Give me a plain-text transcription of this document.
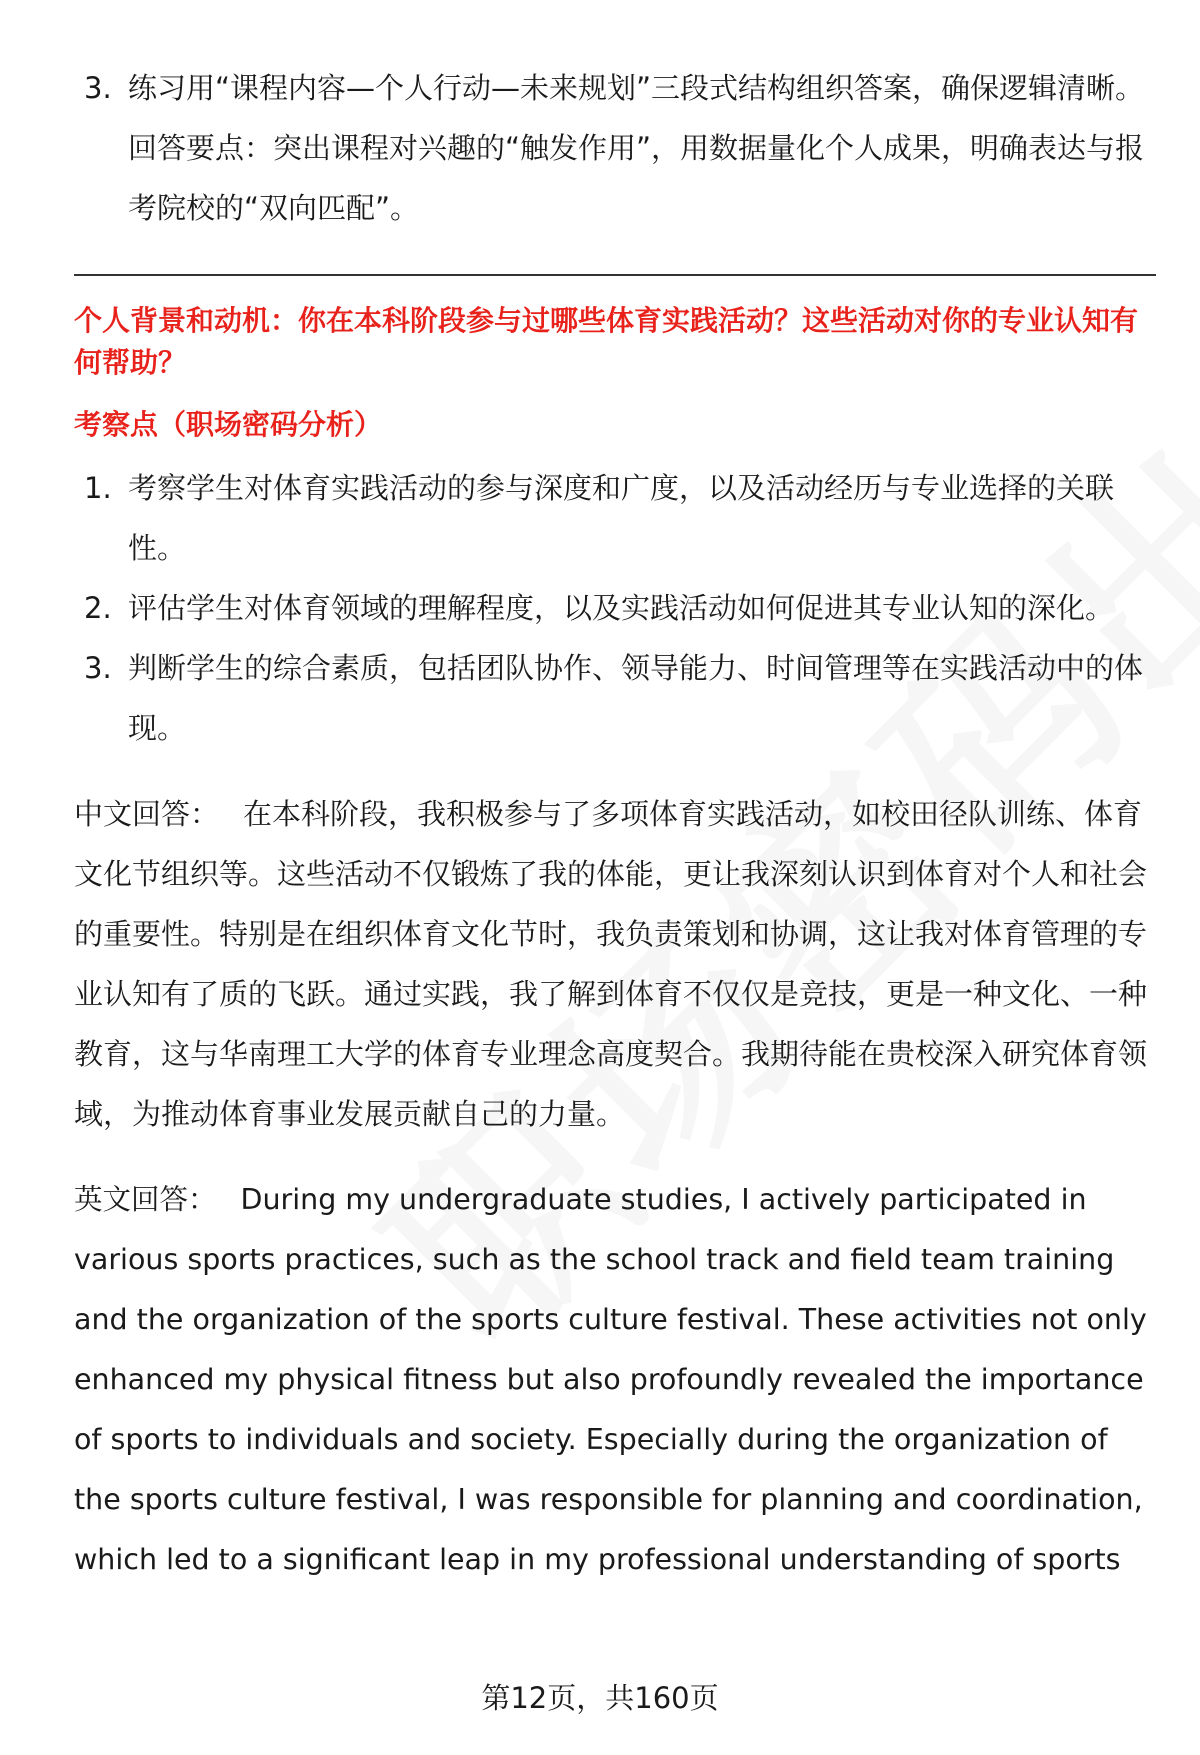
3. 练习用“课程内容—个人行动—未来规划”三段式结构组织答案，确保逻辑清晰。
回答要点：突出课程对兴趣的“触发作用”，用数据量化个人成果，明确表达与报考院校的“双向匹配”。

个人背景和动机：你在本科阶段参与过哪些体育实践活动？这些活动对你的专业认知有何帮助？

考察点（职场密码分析）

1. 考察学生对体育实践活动的参与深度和广度，以及活动经历与专业选择的关联性。
2. 评估学生对体育领域的理解程度，以及实践活动如何促进其专业认知的深化。
3. 判断学生的综合素质，包括团队协作、领导能力、时间管理等在实践活动中的体现。

中文回答： 在本科阶段，我积极参与了多项体育实践活动，如校田径队训练、体育文化节组织等。这些活动不仅锻炼了我的体能，更让我深刻认识到体育对个人和社会的重要性。特别是在组织体育文化节时，我负责策划和协调，这让我对体育管理的专业认知有了质的飞跃。通过实践，我了解到体育不仅仅是竞技，更是一种文化、一种教育，这与华南理工大学的体育专业理念高度契合。我期待能在贵校深入研究体育领域，为推动体育事业发展贡献自己的力量。

英文回答： During my undergraduate studies, I actively participated in various sports practices, such as the school track and field team training and the organization of the sports culture festival. These activities not only enhanced my physical fitness but also profoundly revealed the importance of sports to individuals and society. Especially during the organization of the sports culture festival, I was responsible for planning and coordination, which led to a significant leap in my professional understanding of sports

第12页，共160页
